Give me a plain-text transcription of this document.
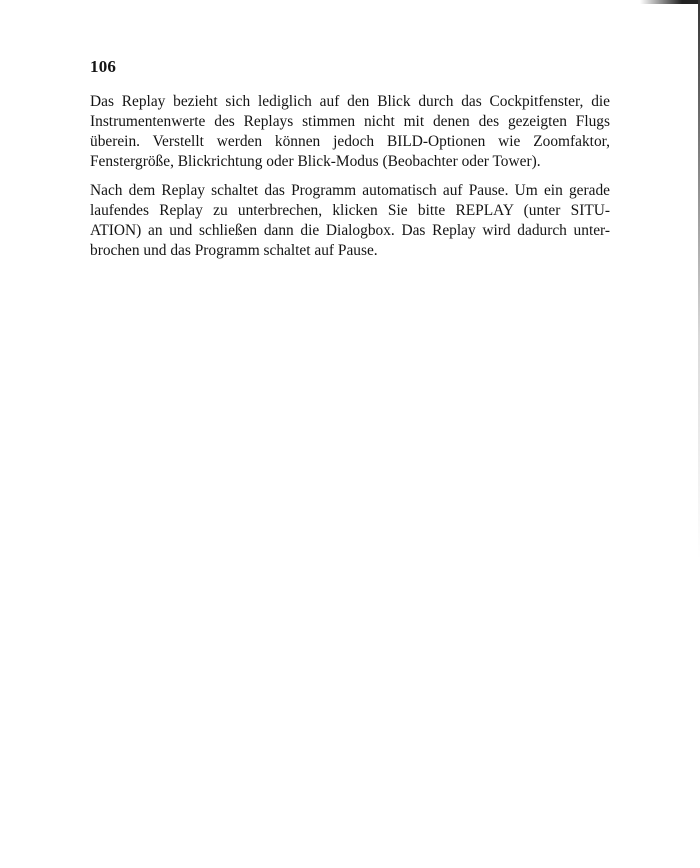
106
Das Replay bezieht sich lediglich auf den Blick durch das Cockpitfenster, die
Instrumentenwerte des Replays stimmen nicht mit denen des gezeigten Flugs
überein. Verstellt werden können jedoch BILD-Optionen wie Zoomfaktor,
Fenstergröße, Blickrichtung oder Blick-Modus (Beobachter oder Tower).
Nach dem Replay schaltet das Programm automatisch auf Pause. Um ein gerade
laufendes Replay zu unterbrechen, klicken Sie bitte REPLAY (unter SITU-
ATION) an und schließen dann die Dialogbox. Das Replay wird dadurch unter-
brochen und das Programm schaltet auf Pause.
